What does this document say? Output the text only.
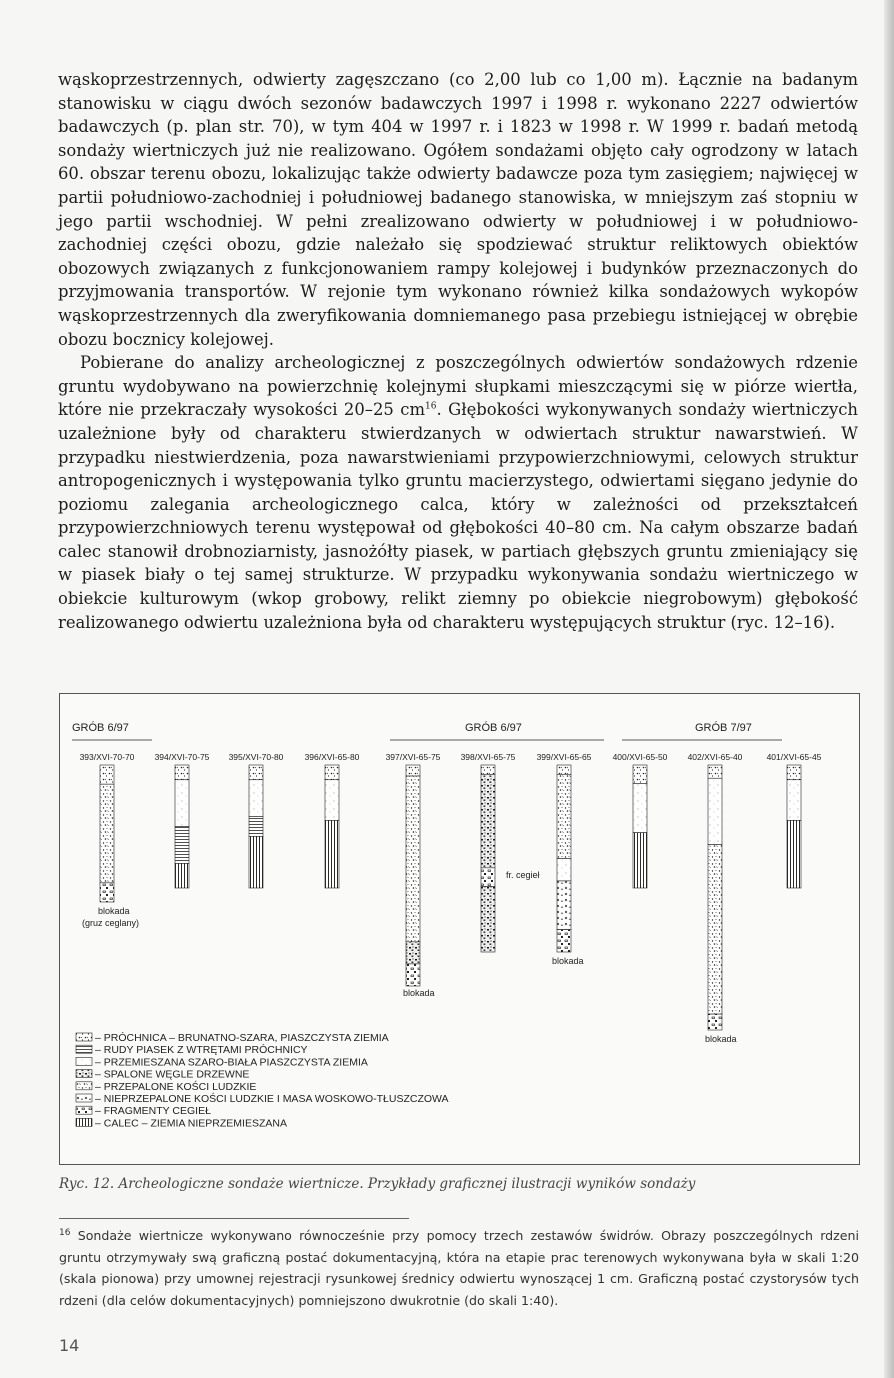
wąskoprzestrzennych, odwierty zagęszczano (co 2,00 lub co 1,00 m). Łącznie na badanym stanowisku w ciągu dwóch sezonów badawczych 1997 i 1998 r. wykonano 2227 odwiertów badawczych (p. plan str. 70), w tym 404 w 1997 r. i 1823 w 1998 r. W 1999 r. badań metodą sondaży wiertniczych już nie realizowano. Ogółem sondażami objęto cały ogrodzony w latach 60. obszar terenu obozu, lokalizując także odwierty badawcze poza tym zasięgiem; najwięcej w partii południowo-zachodniej i południowej badanego stanowiska, w mniejszym zaś stopniu w jego partii wschodniej. W pełni zrealizowano odwierty w południowej i w południowo-zachodniej części obozu, gdzie należało się spodziewać struktur reliktowych obiektów obozowych związanych z funkcjonowaniem rampy kolejowej i budynków przeznaczonych do przyjmowania transportów. W rejonie tym wykonano również kilka sondażowych wykopów wąskoprzestrzennych dla zweryfikowania domniemanego pasa przebiegu istniejącej w obrębie obozu bocznicy kolejowej.

Pobierane do analizy archeologicznej z poszczególnych odwiertów sondażowych rdzenie gruntu wydobywano na powierzchnię kolejnymi słupkami mieszczącymi się w piórze wiertła, które nie przekraczały wysokości 20–25 $cm^{16}$. Głębokości wykonywanych sondaży wiertniczych uzależnione były od charakteru stwierdzanych w odwiertach struktur nawarstwień. W przypadku niestwierdzenia, poza nawarstwieniami przypowierzchniowymi, celowych struktur antropogenicznych i występowania tylko gruntu macierzystego, odwiertami sięgano jedynie do poziomu zalegania archeologicznego calca, który w zależności od przekształceń przypowierzchniowych terenu występował od głębokości 40–80 cm. Na całym obszarze badań calec stanowił drobnoziarnisty, jasnożółty piasek, w partiach głębszych gruntu zmieniający się w piasek biały o tej samej strukturze. W przypadku wykonywania sondażu wiertniczego w obiekcie kulturowym (wkop grobowy, relikt ziemny po obiekcie niegrobowym) głębokość realizowanego odwiertu uzależniona była od charakteru występujących struktur (ryc. 12–16).

GRÓB 6/97	GRÓB 6/97	GRÓB 7/97
393/XVI-70-70 394/XVI-70-75 395/XVI-70-80 396/XVI-65-80	397/XVI-65-75 398/XVI-65-75 399/XVI-65-65 400/XVI-65-50 402/XVI-65-40	401/XVI-65-45
blokada
(gruz ceglany)
blokada
fr. cegieł
blokada
blokada
– PRÓCHNICA – BRUNATNO-SZARA, PIASZCZYSTA ZIEMIA
– RUDY PIASEK Z WTRĘTAMI PRÓCHNICY
– PRZEMIESZANA SZARO-BIAŁA PIASZCZYSTA ZIEMIA
– SPALONE WĘGLE DRZEWNE
– PRZEPALONE KOŚCI LUDZKIE
– NIEPRZEPALONE KOŚCI LUDZKIE I MASA WOSKOWO-TŁUSZCZOWA
– FRAGMENTY CEGIEŁ
– CALEC – ZIEMIA NIEPRZEMIESZANA
Ryc. 12. Archeologiczne sondaże wiertnicze. Przykłady graficznej ilustracji wyników sondaży

$^{16}$ Sondaże wiertnicze wykonywano równocześnie przy pomocy trzech zestawów świdrów. Obrazy poszczególnych rdzeni gruntu otrzymywały swą graficzną postać dokumentacyjną, która na etapie prac terenowych wykonywana była w skali 1:20 (skala pionowa) przy umownej rejestracji rysunkowej średnicy odwiertu wynoszącej 1 cm. Graficzną postać czystorysów tych rdzeni (dla celów dokumentacyjnych) pomniejszono dwukrotnie (do skali 1:40).

14
